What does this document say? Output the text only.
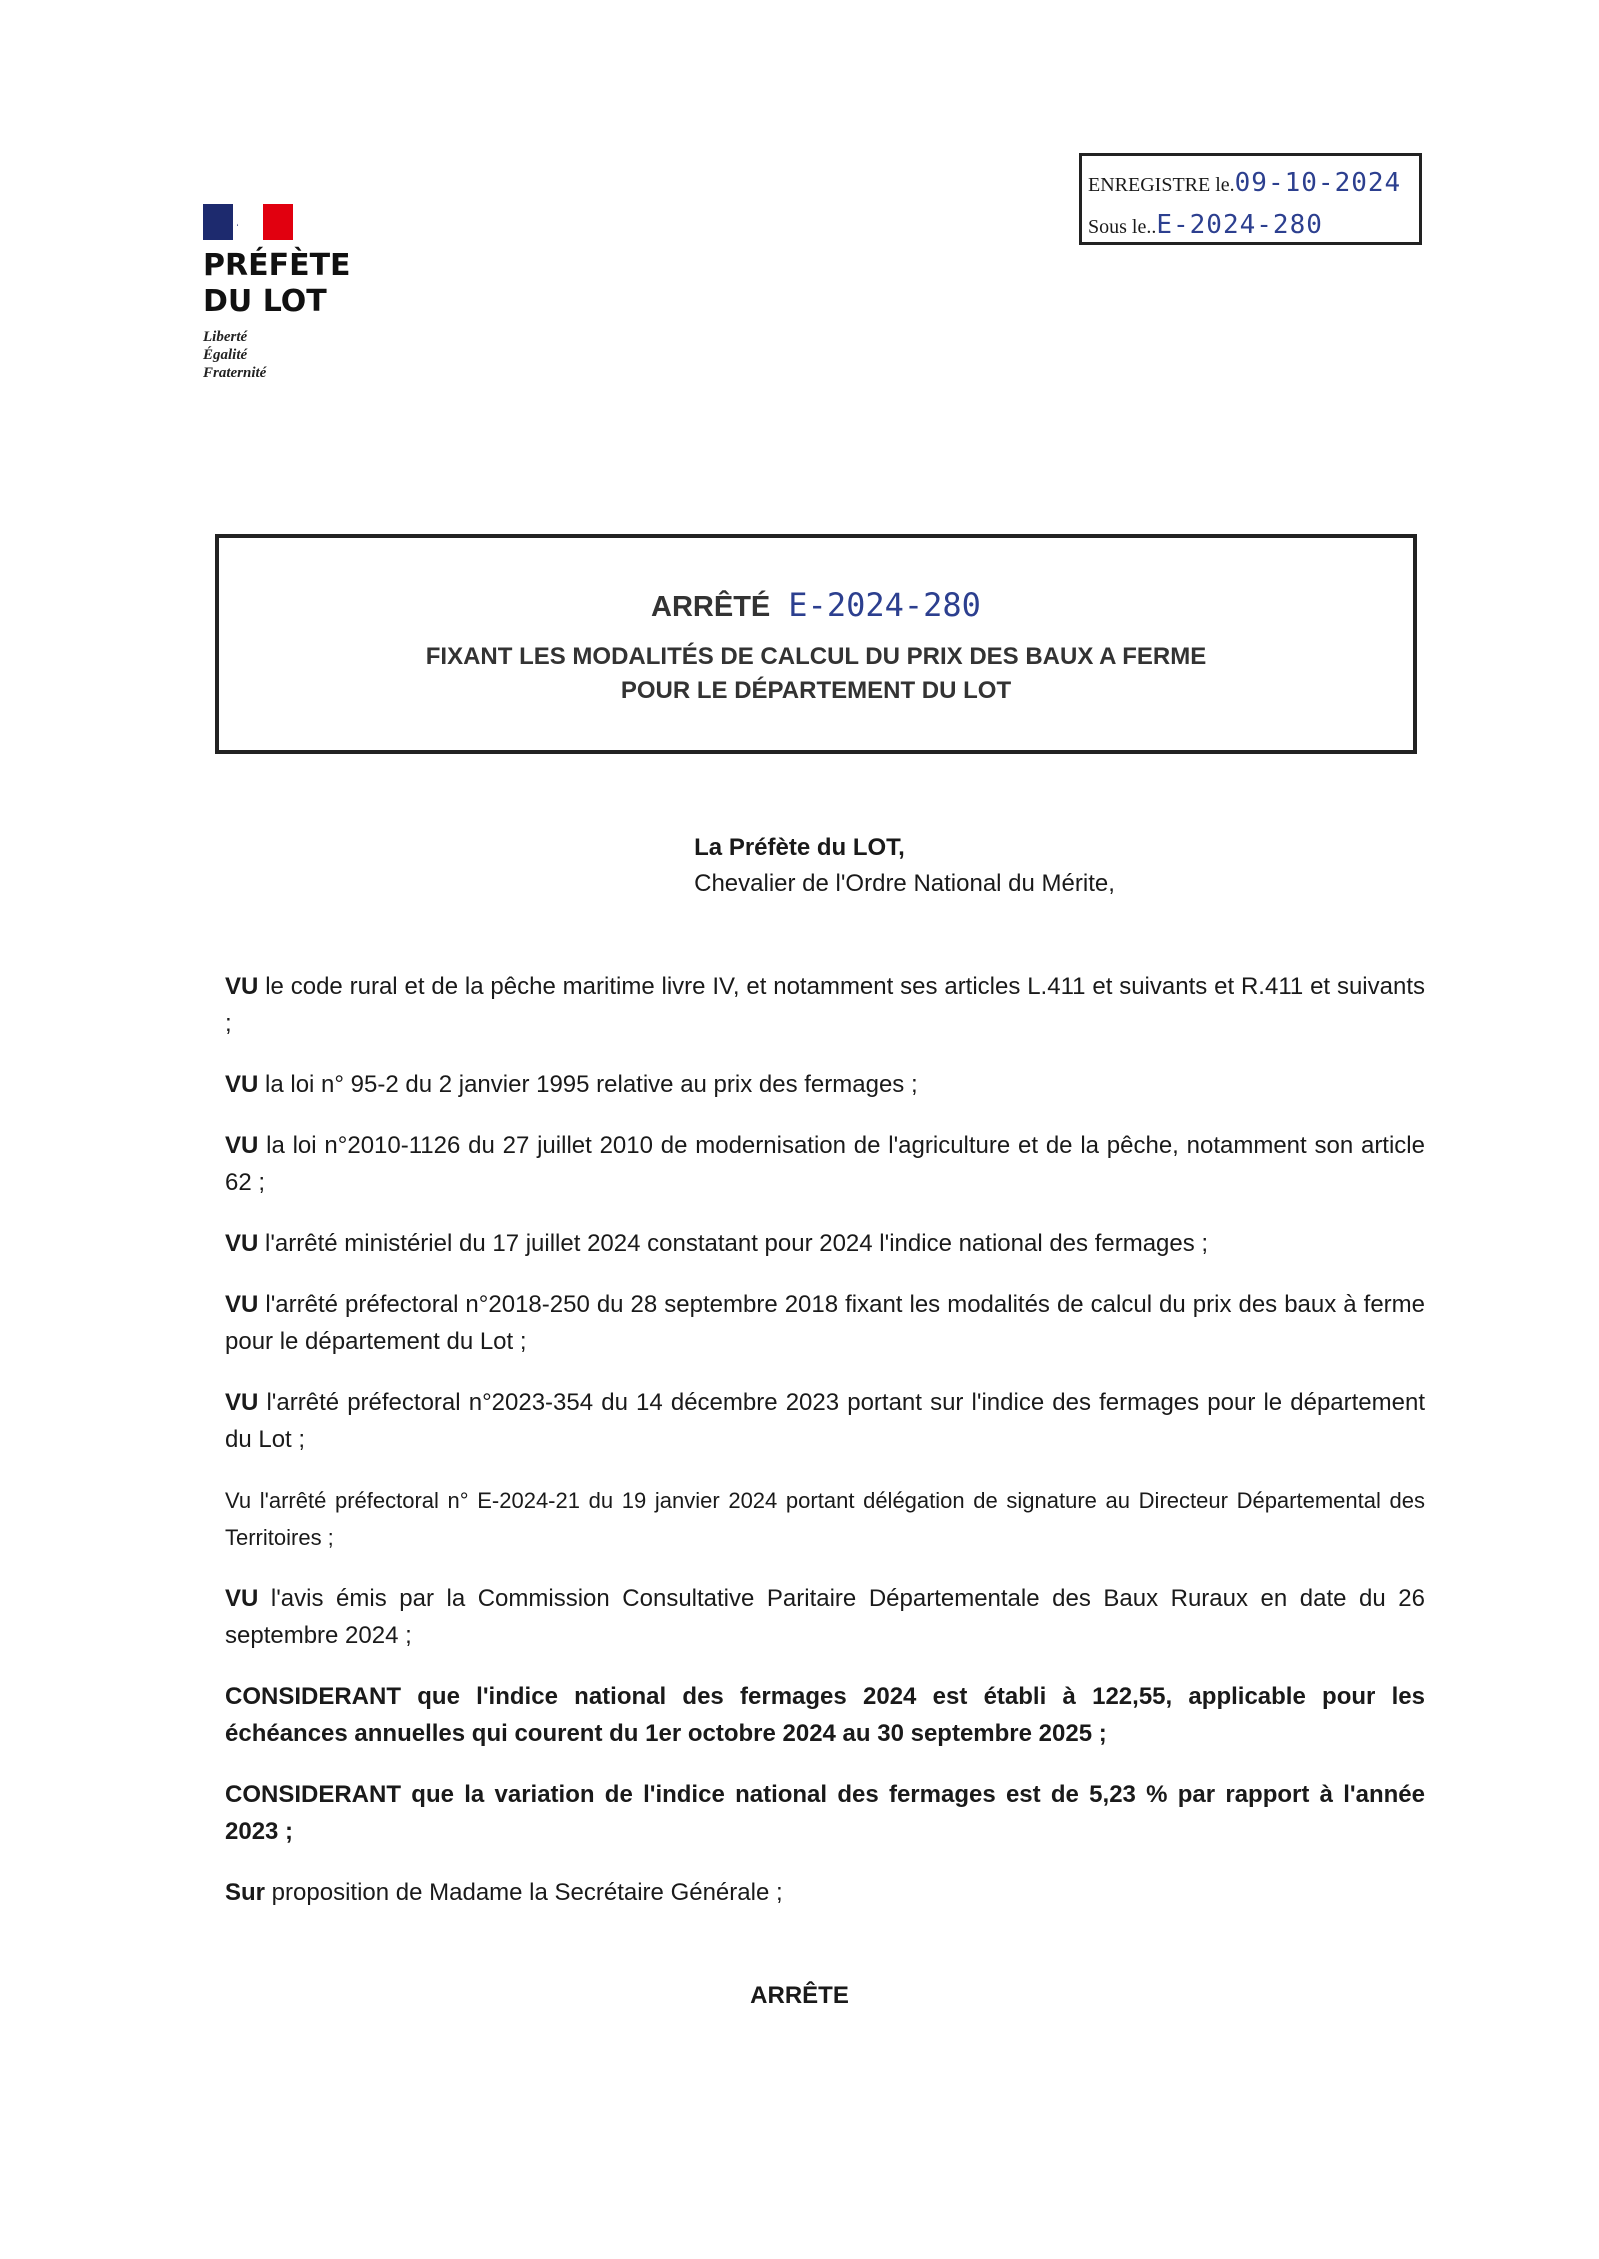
PRÉFÈTE
DU LOT
Liberté
Égalité
Fraternité
ENREGISTRE le.09-10-2024
Sous le..E-2024-280
ARRÊTÉ E-2024-280
FIXANT LES MODALITÉS DE CALCUL DU PRIX DES BAUX A FERME
POUR LE DÉPARTEMENT DU LOT
La Préfète du LOT,
Chevalier de l'Ordre National du Mérite,

VU le code rural et de la pêche maritime livre IV, et notamment ses articles L.411 et suivants et R.411 et suivants ;

VU la loi n° 95-2 du 2 janvier 1995 relative au prix des fermages ;

VU la loi n°2010-1126 du 27 juillet 2010 de modernisation de l'agriculture et de la pêche, notamment son article 62 ;

VU l'arrêté ministériel du 17 juillet 2024 constatant pour 2024 l'indice national des fermages ;

VU l'arrêté préfectoral n°2018-250 du 28 septembre 2018 fixant les modalités de calcul du prix des baux à ferme pour le département du Lot ;

VU l'arrêté préfectoral n°2023-354 du 14 décembre 2023 portant sur l'indice des fermages pour le département du Lot ;

Vu l'arrêté préfectoral n° E-2024-21 du 19 janvier 2024 portant délégation de signature au Directeur Départemental des Territoires ;

VU l'avis émis par la Commission Consultative Paritaire Départementale des Baux Ruraux en date du 26 septembre 2024 ;

CONSIDERANT que l'indice national des fermages 2024 est établi à 122,55, applicable pour les échéances annuelles qui courent du 1er octobre 2024 au 30 septembre 2025 ;

CONSIDERANT que la variation de l'indice national des fermages est de 5,23 % par rapport à l'année 2023 ;

Sur proposition de Madame la Secrétaire Générale ;

ARRÊTE
